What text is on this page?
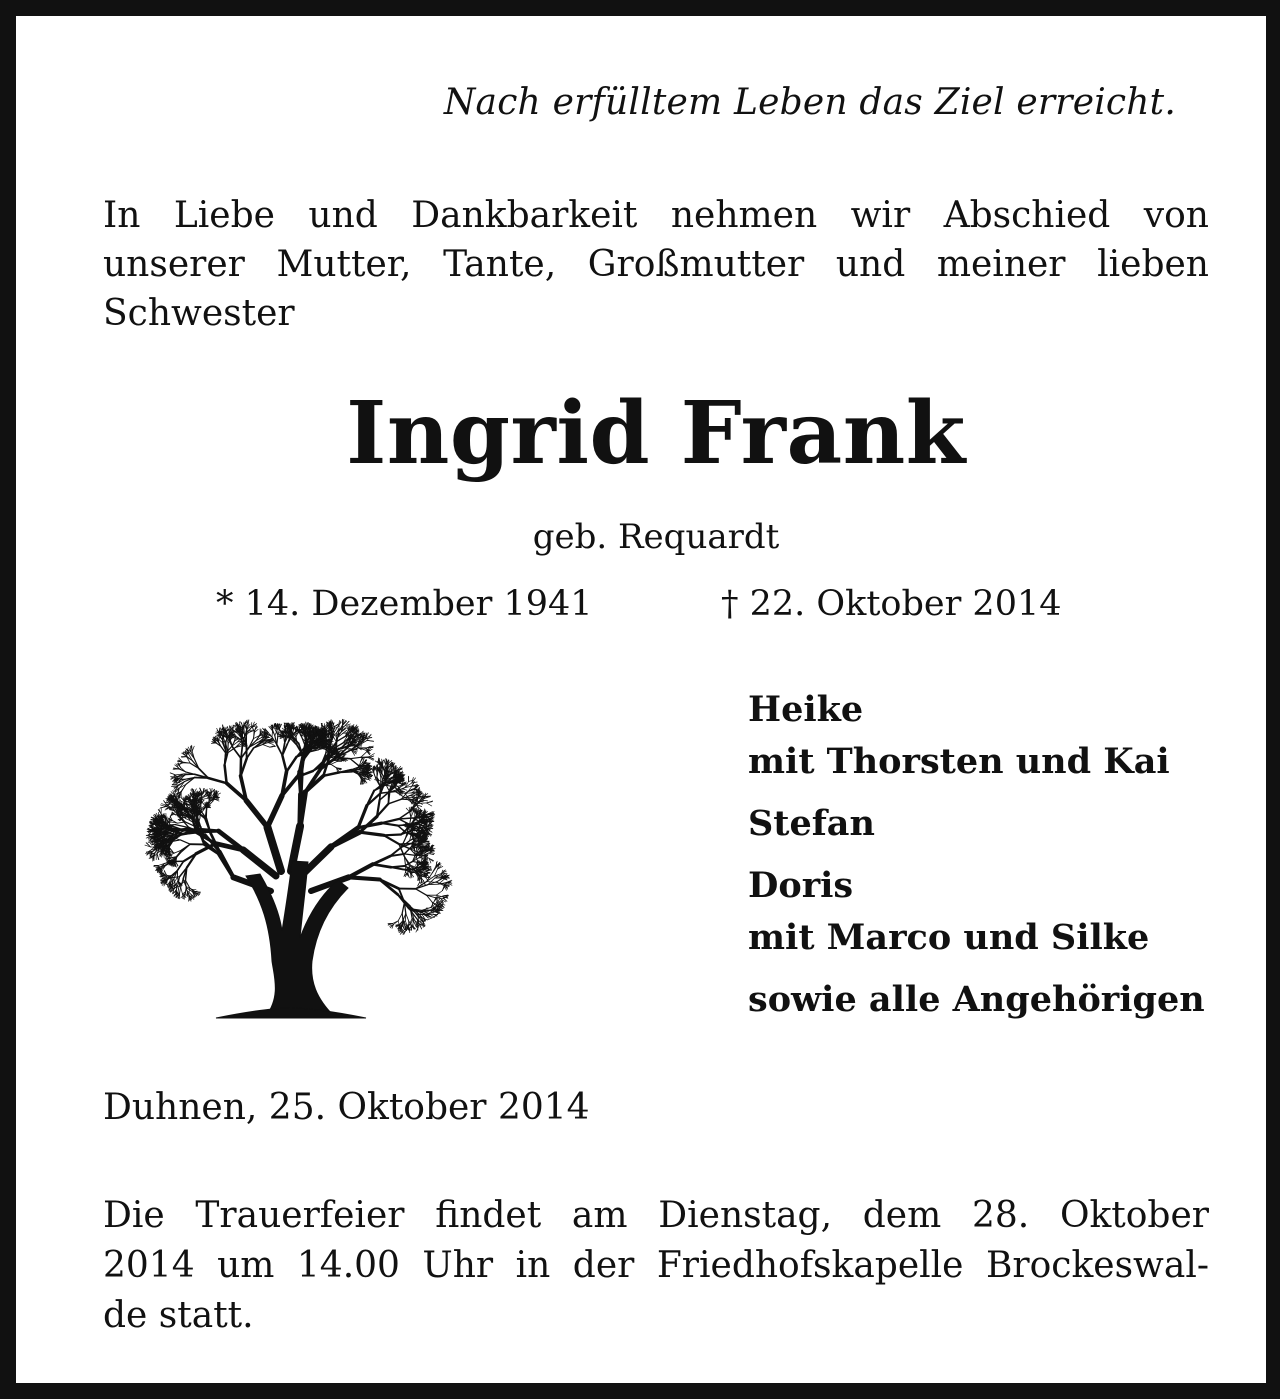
Nach erfülltem Leben das Ziel erreicht.

In Liebe und Dankbarkeit nehmen wir Abschied von
unserer Mutter, Tante, Großmutter und meiner lieben
Schwester
Ingrid Frank

geb. Requardt

* 14. Dezember 1941	† 22. Oktober 2014

Heike
mit Thorsten und Kai
Stefan
Doris
mit Marco und Silke
sowie alle Angehörigen

Duhnen, 25. Oktober 2014

Die Trauerfeier findet am Dienstag, dem 28. Oktober
2014 um 14.00 Uhr in der Friedhofskapelle Brockeswal-
de statt.
